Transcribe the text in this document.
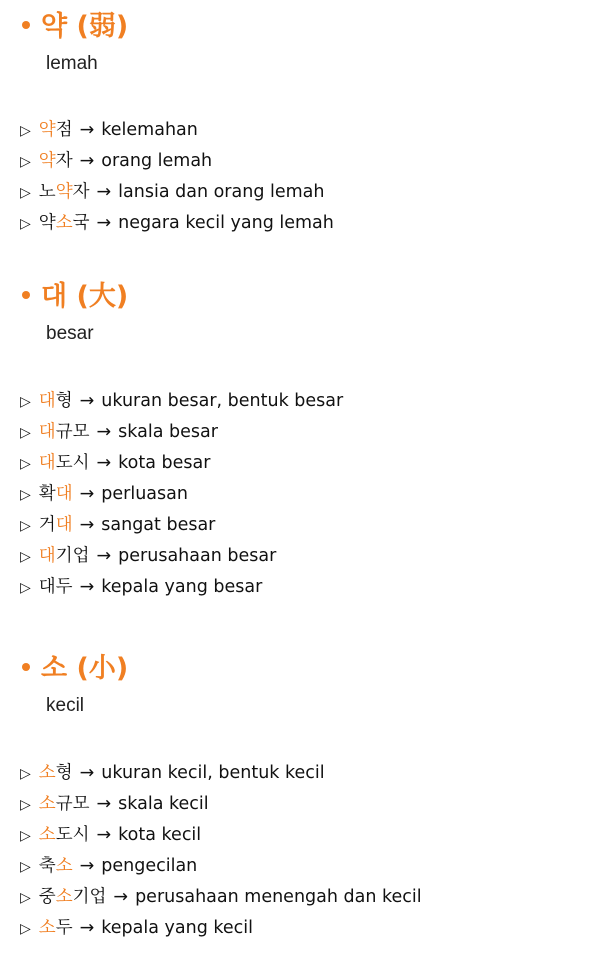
약 (弱)
lemah
▷ 약점 → kelemahan
▷ 약자 → orang lemah
▷ 노약자 → lansia dan orang lemah
▷ 약소국 → negara kecil yang lemah
대 (大)
besar
▷ 대형 → ukuran besar, bentuk besar
▷ 대규모 → skala besar
▷ 대도시 → kota besar
▷ 확대 → perluasan
▷ 거대 → sangat besar
▷ 대기업 → perusahaan besar
▷ 대두 → kepala yang besar
소 (小)
kecil
▷ 소형 → ukuran kecil, bentuk kecil
▷ 소규모 → skala kecil
▷ 소도시 → kota kecil
▷ 축소 → pengecilan
▷ 중소기업 → perusahaan menengah dan kecil
▷ 소두 → kepala yang kecil
